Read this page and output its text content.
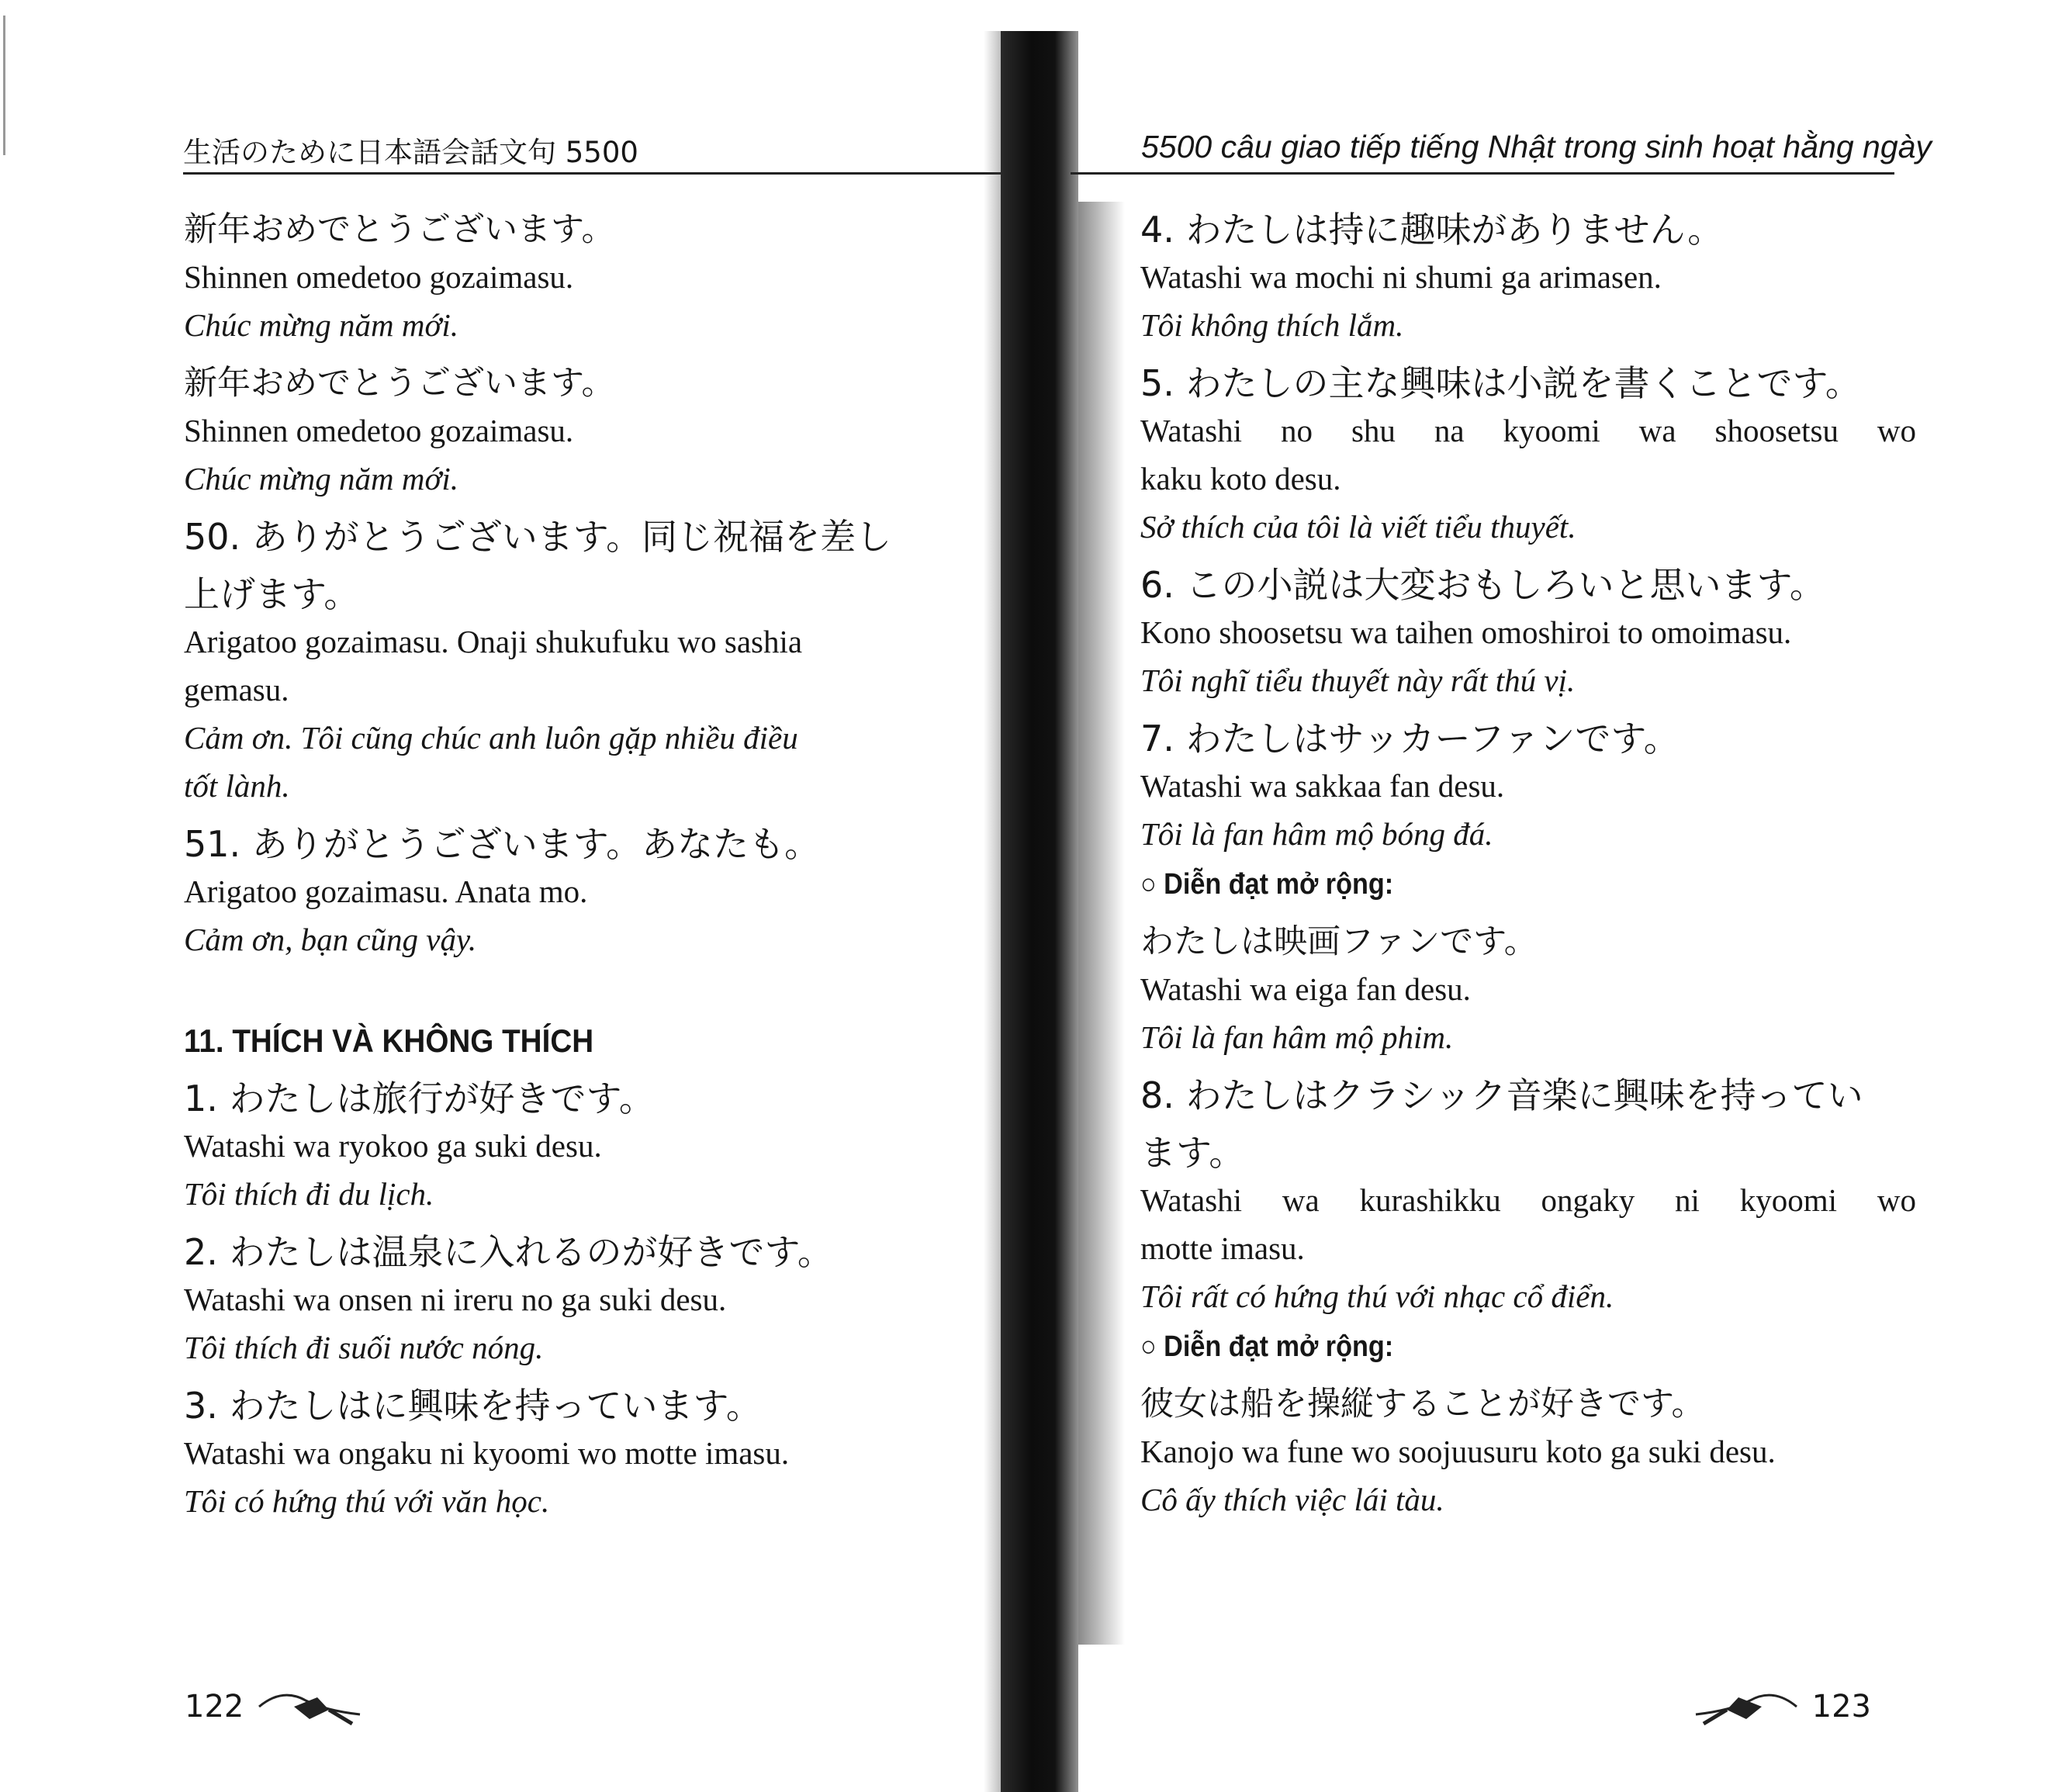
生活のために日本語会話文句 5500
新年おめでとうございます。
Shinnen omedetoo gozaimasu.
Chúc mừng năm mới.
新年おめでとうございます。
Shinnen omedetoo gozaimasu.
Chúc mừng năm mới.
50. ありがとうございます。同じ祝福を差し
上げます。
Arigatoo gozaimasu. Onaji shukufuku wo sashia
gemasu.
Cảm ơn. Tôi cũng chúc anh luôn gặp nhiều điều
tốt lành.
51. ありがとうございます。あなたも。
Arigatoo gozaimasu. Anata mo.
Cảm ơn, bạn cũng vậy.
11. THÍCH VÀ KHÔNG THÍCH
1. わたしは旅行が好きです。
Watashi wa ryokoo ga suki desu.
Tôi thích đi du lịch.
2. わたしは温泉に入れるのが好きです。
Watashi wa onsen ni ireru no ga suki desu.
Tôi thích đi suối nước nóng.
3. わたしはに興味を持っています。
Watashi wa ongaku ni kyoomi wo motte imasu.
Tôi có hứng thú với văn học.
122
5500 câu giao tiếp tiếng Nhật trong sinh hoạt hằng ngày
4. わたしは持に趣味がありません。
Watashi wa mochi ni shumi ga arimasen.
Tôi không thích lắm.
5. わたしの主な興味は小説を書くことです。
Watashi no shu na kyoomi wa shoosetsu wo
kaku koto desu.
Sở thích của tôi là viết tiểu thuyết.
6. この小説は大変おもしろいと思います。
Kono shoosetsu wa taihen omoshiroi to omoimasu.
Tôi nghĩ tiểu thuyết này rất thú vị.
7. わたしはサッカーファンです。
Watashi wa sakkaa fan desu.
Tôi là fan hâm mộ bóng đá.
○ Diễn đạt mở rộng:
わたしは映画ファンです。
Watashi wa eiga fan desu.
Tôi là fan hâm mộ phim.
8. わたしはクラシック音楽に興味を持ってい
ます。
Watashi wa kurashikku ongaky ni kyoomi wo
motte imasu.
Tôi rất có hứng thú với nhạc cổ điển.
○ Diễn đạt mở rộng:
彼女は船を操縦することが好きです。
Kanojo wa fune wo soojuusuru koto ga suki desu.
Cô ấy thích việc lái tàu.
123
